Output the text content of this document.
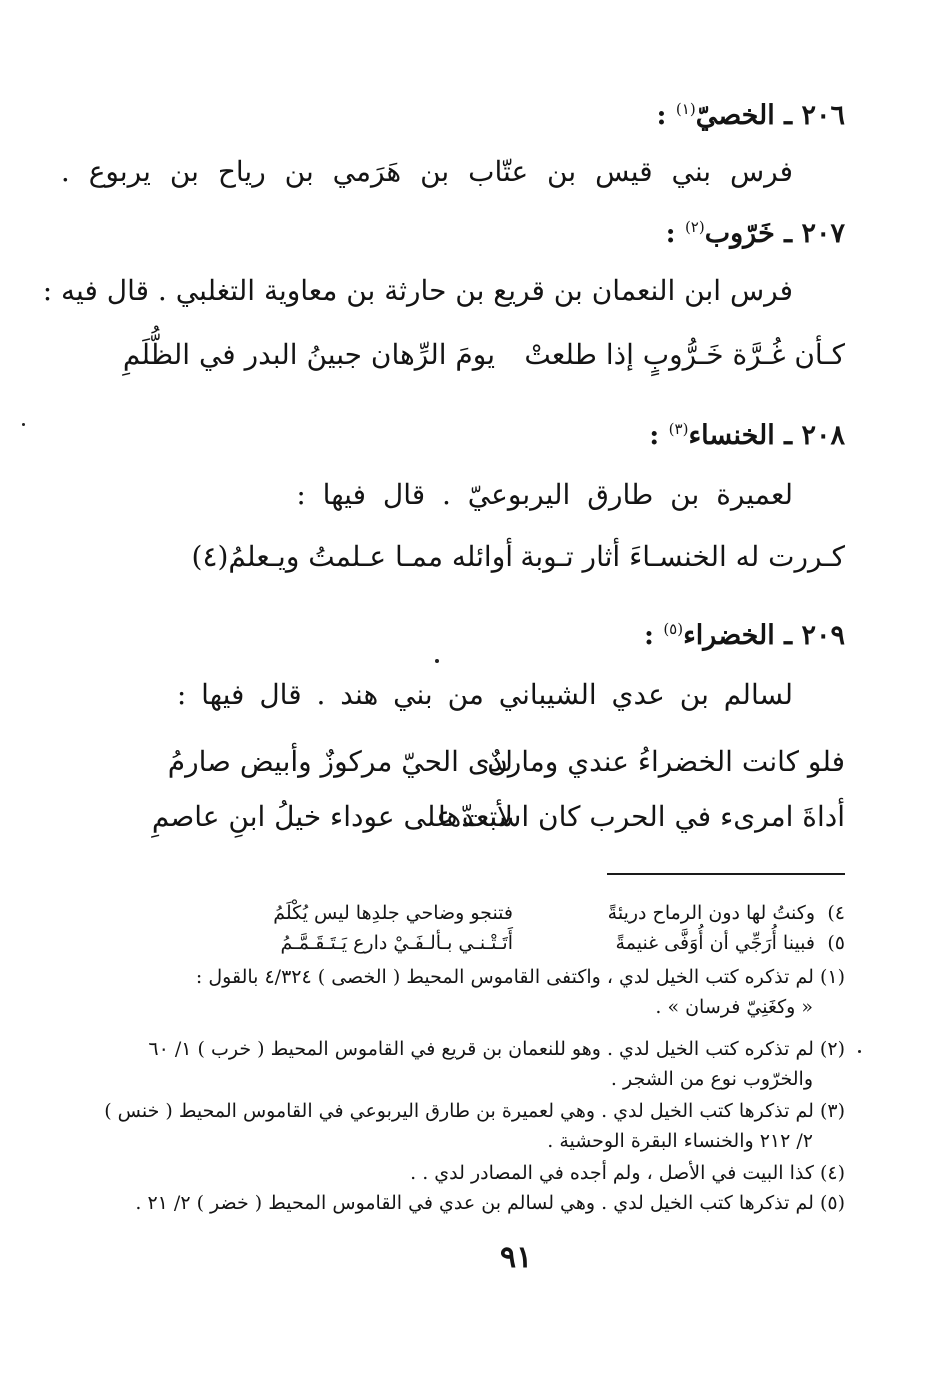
٢٠٦ ـ الخصيّ$^{(١)}$ :
فرس بني قيس بن عتّاب بن هَرَمي بن رياح بن يربوع .
٢٠٧ ـ خَرّوب$^{(٢)}$ :
فرس ابن النعمان بن قريع بن حارثة بن معاوية التغلبي . قال فيه :
كـأن غُـرَّة خَـرُّوبٍ إذا طلعتْ
يومَ الرِّهان جبينُ البدر في الظُّلَمِ
٢٠٨ ـ الخنساء$^{(٣)}$ :
لعميرة بن طارق اليربوعيّ . قال فيها :
كـررت له الخنسـاءَ أثار تـوبة
أوائله ممـا عـلمتُ ويـعلمُ(٤)
٢٠٩ ـ الخضراء$^{(٥)}$ :
لسالم بن عدي الشيباني من بني هند . قال فيها :
فلو كانت الخضراءُ عندي ومارنٌ
لدى الحيّ مركوزٌ وأبيض صارمُ
أداةَ امرىء في الحرب كان استعدّها
لأبت على عوداء خيلُ ابنِ عاصمِ
٤)
وكنتُ لها دون الرماح دريئةً
فتنجو وضاحي جلدِها ليس يُكْلَمُ
٥)
فبينا أُرَجِّي أن أُوَفَّى غنيمةً
أَتَـتْـنـي بـألـفَـيْ دارع يَـتَـقَـمَّـمُ
(١) لم تذكره كتب الخيل لدي ، واكتفى القاموس المحيط ( الخصى ) ٤/٣٢٤ بالقول :
« وكغَنِيّ فرسان » .
(٢) لم تذكره كتب الخيل لدي . وهو للنعمان بن قريع في القاموس المحيط ( خرب ) ١/ ٦٠
والخرّوب نوع من الشجر .
(٣) لم تذكرها كتب الخيل لدي . وهي لعميرة بن طارق اليربوعي في القاموس المحيط ( خنس )
٢/ ٢١٢ والخنساء البقرة الوحشية .
(٤) كذا البيت في الأصل ، ولم أجده في المصادر لدي . .
(٥) لم تذكرها كتب الخيل لدي . وهي لسالم بن عدي في القاموس المحيط ( خضر ) ٢/ ٢١ .
٩١
